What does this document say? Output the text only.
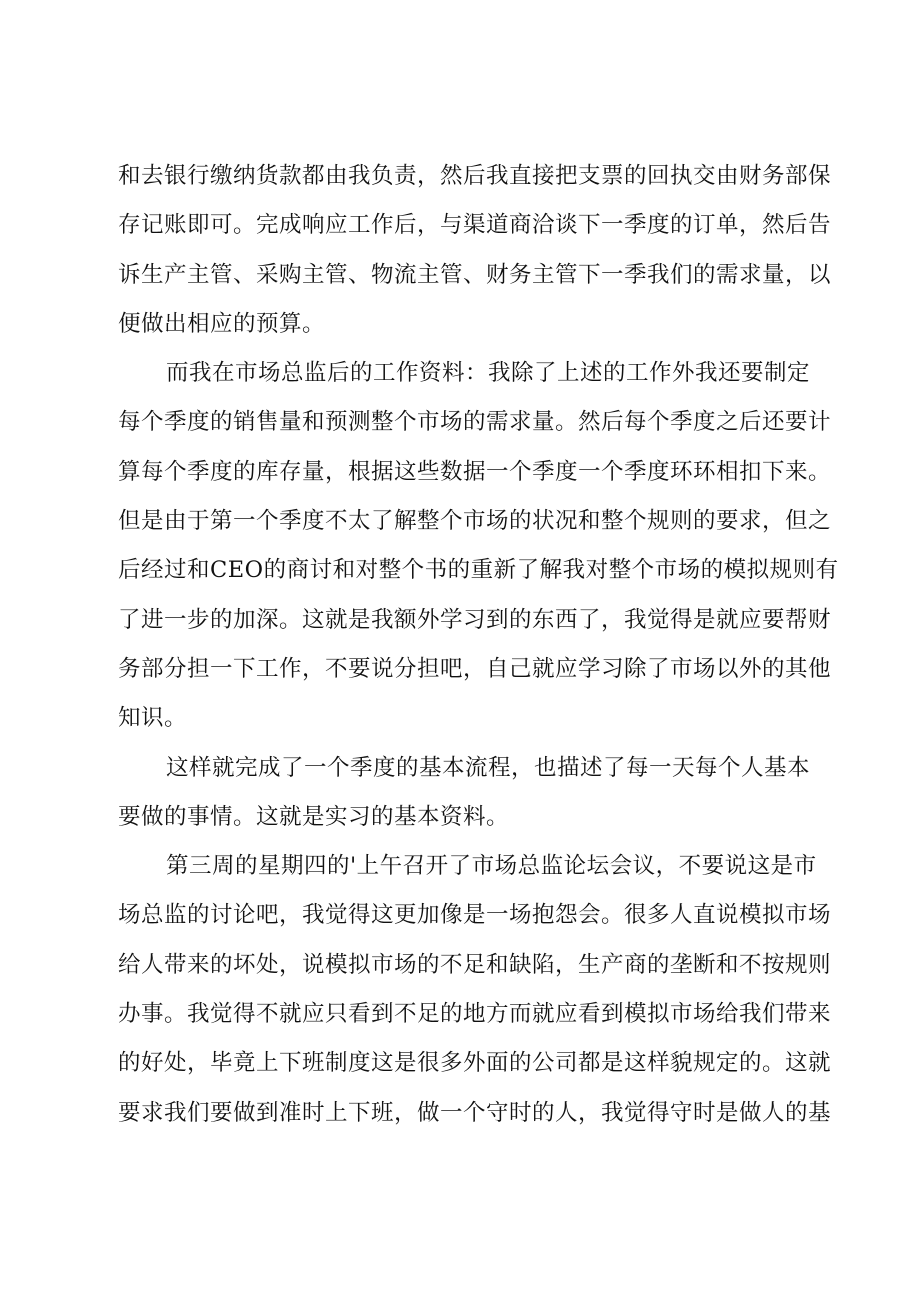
和去银行缴纳货款都由我负责，然后我直接把支票的回执交由财务部保
存记账即可。完成响应工作后，与渠道商洽谈下一季度的订单，然后告
诉生产主管、采购主管、物流主管、财务主管下一季我们的需求量，以
便做出相应的预算。
而我在市场总监后的工作资料：我除了上述的工作外我还要制定
每个季度的销售量和预测整个市场的需求量。然后每个季度之后还要计
算每个季度的库存量，根据这些数据一个季度一个季度环环相扣下来。
但是由于第一个季度不太了解整个市场的状况和整个规则的要求，但之
后经过和CEO的商讨和对整个书的重新了解我对整个市场的模拟规则有
了进一步的加深。这就是我额外学习到的东西了，我觉得是就应要帮财
务部分担一下工作，不要说分担吧，自己就应学习除了市场以外的其他
知识。
这样就完成了一个季度的基本流程，也描述了每一天每个人基本
要做的事情。这就是实习的基本资料。
第三周的星期四的'上午召开了市场总监论坛会议，不要说这是市
场总监的讨论吧，我觉得这更加像是一场抱怨会。很多人直说模拟市场
给人带来的坏处，说模拟市场的不足和缺陷，生产商的垄断和不按规则
办事。我觉得不就应只看到不足的地方而就应看到模拟市场给我们带来
的好处，毕竟上下班制度这是很多外面的公司都是这样貌规定的。这就
要求我们要做到准时上下班，做一个守时的人，我觉得守时是做人的基
